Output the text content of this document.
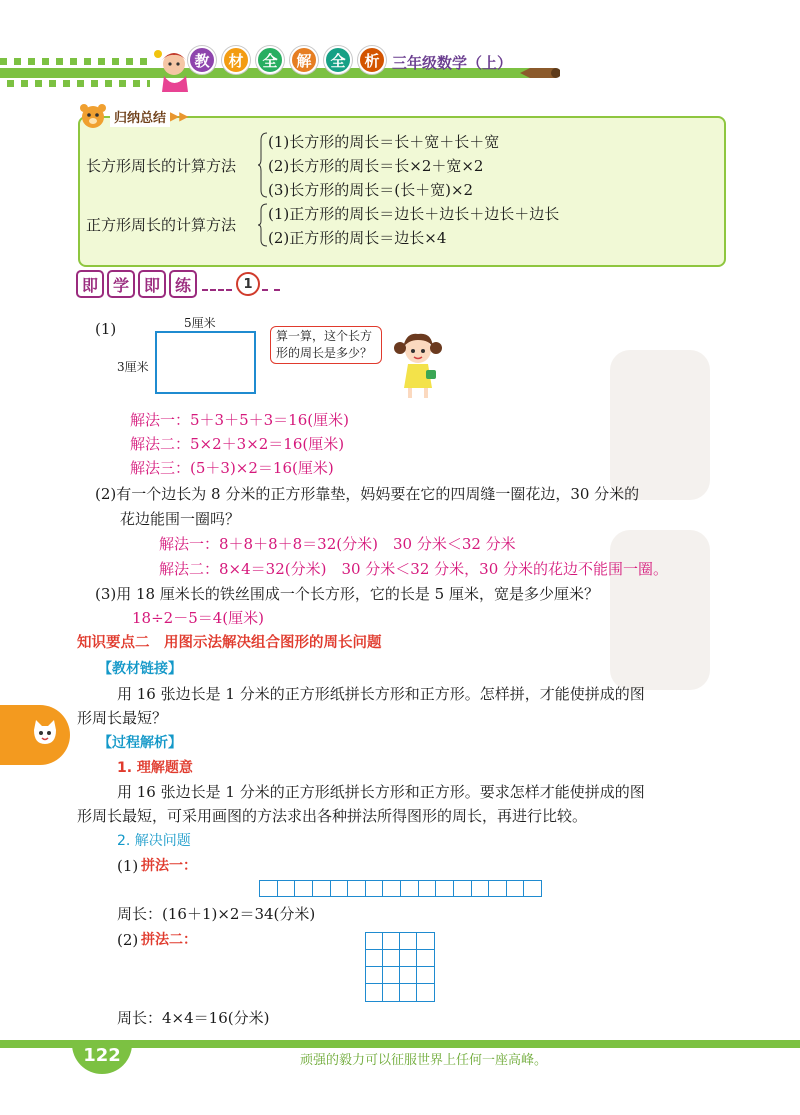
教	材	全	解	全	析 三年级数学（上）
归纳总结 ▶▶
长方形周长的计算方法
(1)长方形的周长＝长＋宽＋长＋宽
(2)长方形的周长＝长×2＋宽×2
(3)长方形的周长＝(长＋宽)×2
正方形周长的计算方法
(1)正方形的周长＝边长＋边长＋边长＋边长
(2)正方形的周长＝边长×4
即 学 即 练	1
(1)	5厘米
3厘米
算一算，这个长方
形的周长是多少？
解法一：5＋3＋5＋3＝16(厘米)
解法二：5×2＋3×2＝16(厘米)
解法三：(5＋3)×2＝16(厘米)
(2)有一个边长为 8 分米的正方形靠垫，妈妈要在它的四周缝一圈花边，30 分米的
花边能围一圈吗？
解法一：8＋8＋8＋8＝32(分米)　30 分米＜32 分米
解法二：8×4＝32(分米)　30 分米＜32 分米，30 分米的花边不能围一圈。
(3)用 18 厘米长的铁丝围成一个长方形，它的长是 5 厘米，宽是多少厘米？
18÷2－5＝4(厘米)
知识要点二　用图示法解决组合图形的周长问题
【教材链接】
用 16 张边长是 1 分米的正方形纸拼长方形和正方形。怎样拼，才能使拼成的图
形周长最短？
【过程解析】
1. 理解题意
用 16 张边长是 1 分米的正方形纸拼长方形和正方形。要求怎样才能使拼成的图
形周长最短，可采用画图的方法求出各种拼法所得图形的周长，再进行比较。
2. 解决问题
(1) 拼法一：
周长：(16＋1)×2＝34(分米)
(2) 拼法二：
周长：4×4＝16(分米)
122	顽强的毅力可以征服世界上任何一座高峰。
